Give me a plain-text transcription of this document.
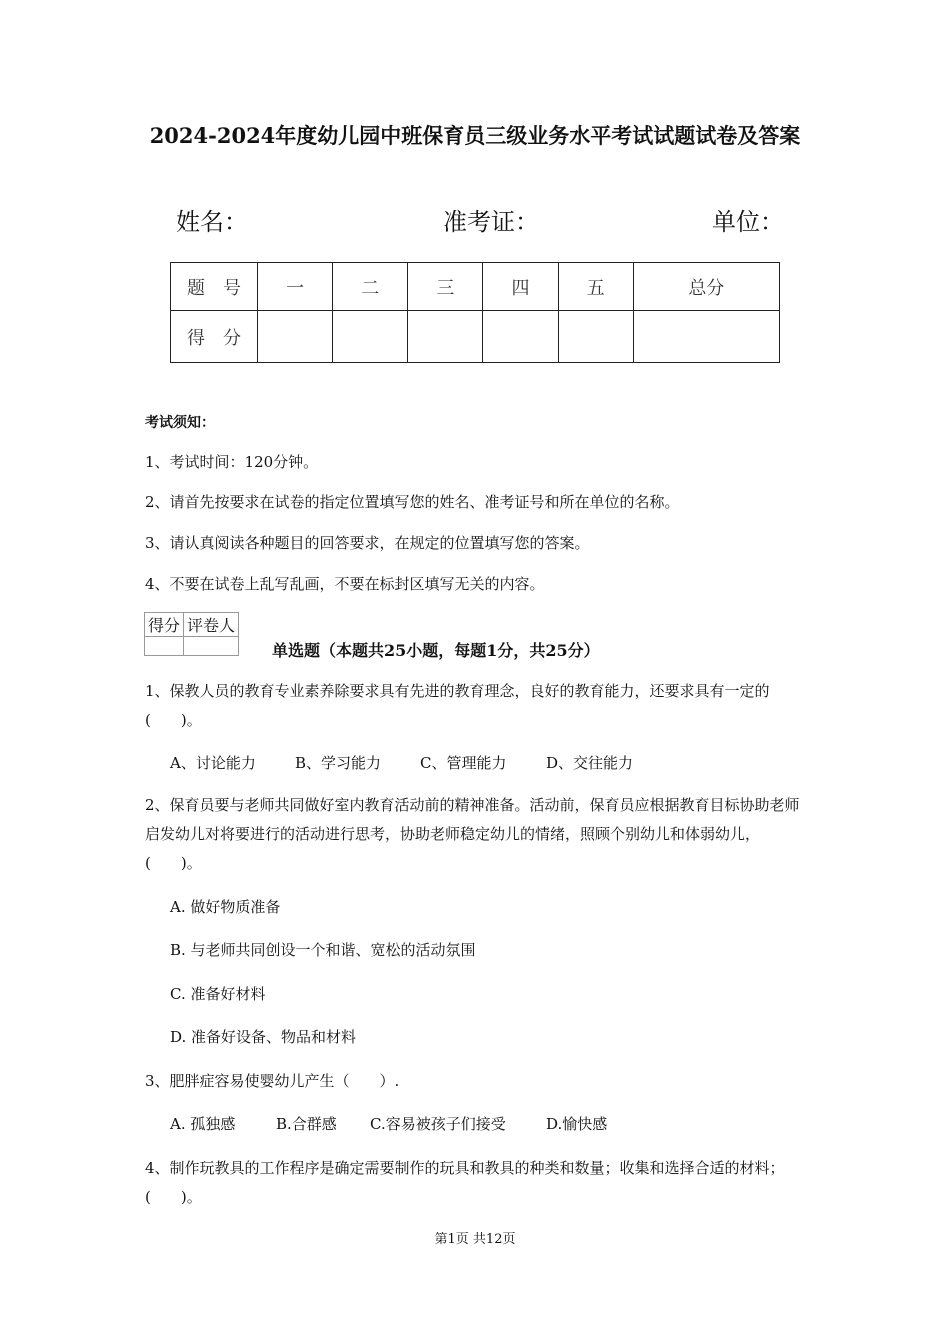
2024-2024年度幼儿园中班保育员三级业务水平考试试题试卷及答案
姓名：	准考证：	单位：
题　号	一	二	三	四	五	总分
得　分						
考试须知：
1、考试时间：120分钟。
2、请首先按要求在试卷的指定位置填写您的姓名、准考证号和所在单位的名称。
3、请认真阅读各种题目的回答要求，在规定的位置填写您的答案。
4、不要在试卷上乱写乱画，不要在标封区填写无关的内容。
得分	评卷人

单选题（本题共25小题，每题1分，共25分）
1、保教人员的教育专业素养除要求具有先进的教育理念，良好的教育能力，还要求具有一定的(　　)。
A、讨论能力	B、学习能力	C、管理能力	D、交往能力
2、保育员要与老师共同做好室内教育活动前的精神准备。活动前，保育员应根据教育目标协助老师启发幼儿对将要进行的活动进行思考，协助老师稳定幼儿的情绪，照顾个别幼儿和体弱幼儿，(　　)。
A. 做好物质准备
B. 与老师共同创设一个和谐、宽松的活动氛围
C. 准备好材料
D. 准备好设备、物品和材料
3、肥胖症容易使婴幼儿产生（　　）.
A. 孤独感	B.合群感 C.容易被孩子们接受	D.愉快感
4、制作玩教具的工作程序是确定需要制作的玩具和教具的种类和数量；收集和选择合适的材料；(　　)。
第1页 共12页
